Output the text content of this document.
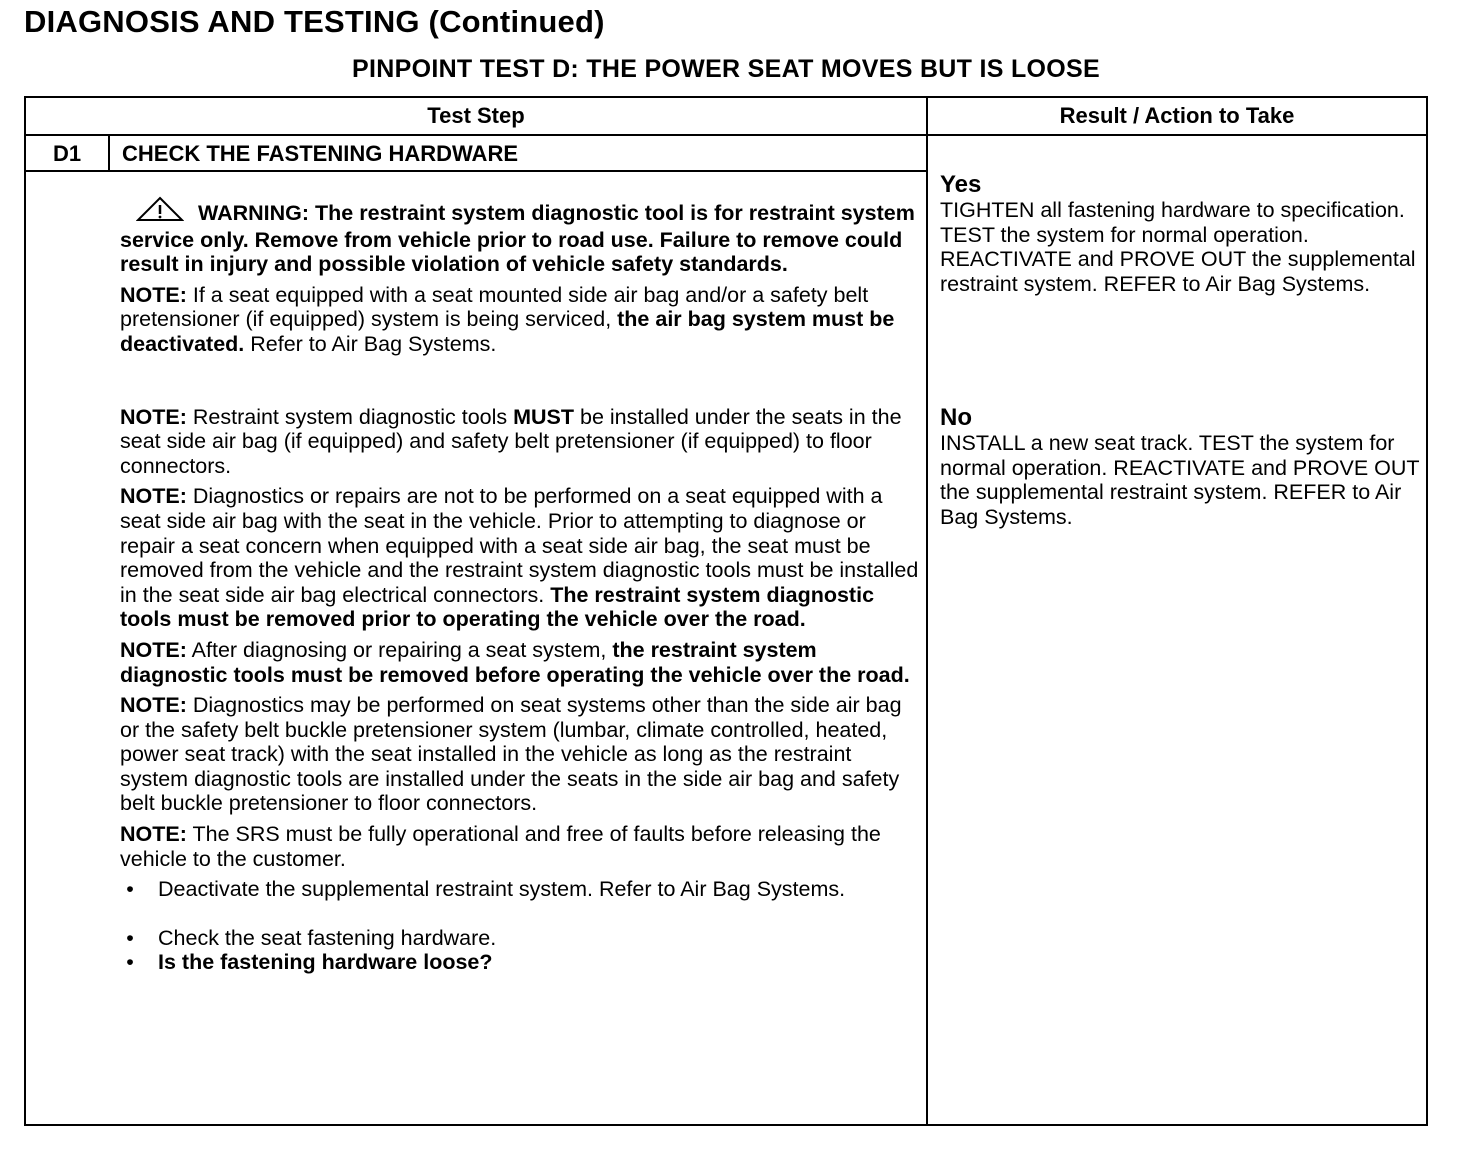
DIAGNOSIS AND TESTING (Continued)
PINPOINT TEST D: THE POWER SEAT MOVES BUT IS LOOSE
Test Step	Result / Action to Take
D1	CHECK THE FASTENING HARDWARE

WARNING: The restraint system diagnostic tool is for restraint system service only. Remove from vehicle prior to road use. Failure to remove could result in injury and possible violation of vehicle safety standards.

NOTE: If a seat equipped with a seat mounted side air bag and/or a safety belt pretensioner (if equipped) system is being serviced, the air bag system must be deactivated. Refer to Air Bag Systems.

NOTE: Restraint system diagnostic tools MUST be installed under the seats in the seat side air bag (if equipped) and safety belt pretensioner (if equipped) to floor connectors.

NOTE: Diagnostics or repairs are not to be performed on a seat equipped with a seat side air bag with the seat in the vehicle. Prior to attempting to diagnose or repair a seat concern when equipped with a seat side air bag, the seat must be removed from the vehicle and the restraint system diagnostic tools must be installed in the seat side air bag electrical connectors. The restraint system diagnostic tools must be removed prior to operating the vehicle over the road.

NOTE: After diagnosing or repairing a seat system, the restraint system diagnostic tools must be removed before operating the vehicle over the road.

NOTE: Diagnostics may be performed on seat systems other than the side air bag or the safety belt buckle pretensioner system (lumbar, climate controlled, heated, power seat track) with the seat installed in the vehicle as long as the restraint system diagnostic tools are installed under the seats in the side air bag and safety belt buckle pretensioner to floor connectors.

NOTE: The SRS must be fully operational and free of faults before releasing the vehicle to the customer.

• Deactivate the supplemental restraint system. Refer to Air Bag Systems.
• Check the seat fastening hardware.
• Is the fastening hardware loose?
Yes
TIGHTEN all fastening hardware to specification. TEST the system for normal operation. REACTIVATE and PROVE OUT the supplemental restraint system. REFER to Air Bag Systems.
No
INSTALL a new seat track. TEST the system for normal operation. REACTIVATE and PROVE OUT the supplemental restraint system. REFER to Air Bag Systems.
